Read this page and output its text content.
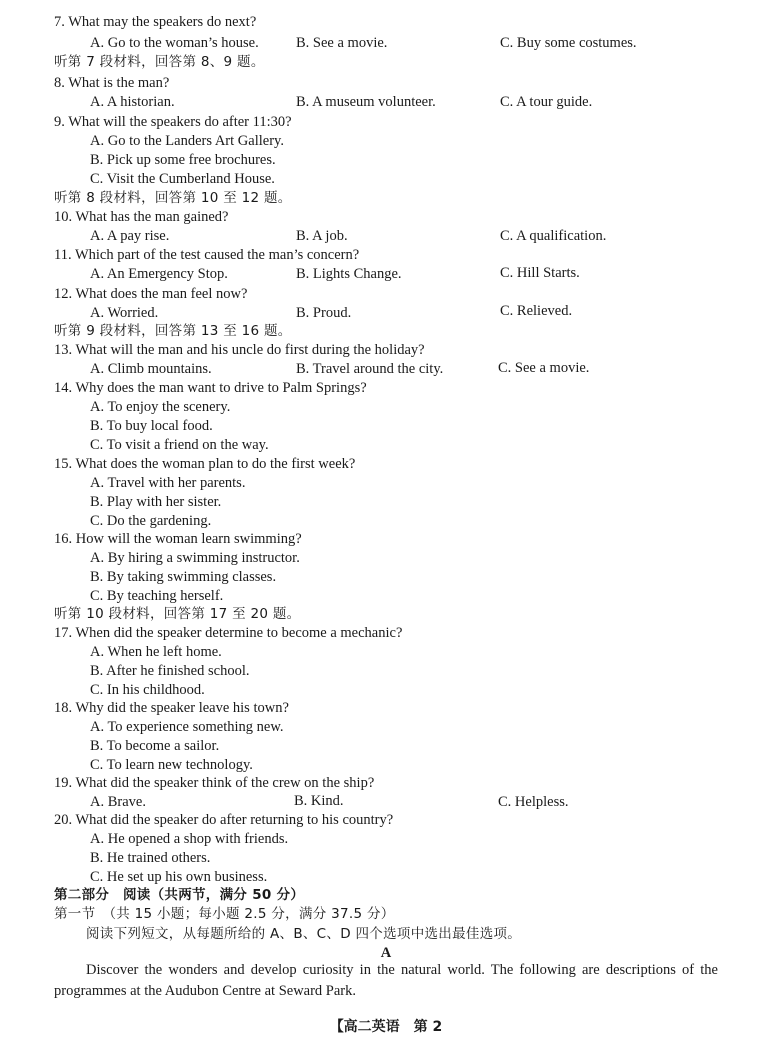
7. What may the speakers do next?
A. Go to the woman’s house.	B. See a movie.	C. Buy some costumes.
听第 7 段材料，回答第 8、9 题。
8. What is the man?
A. A historian.	B. A museum volunteer.	C. A tour guide.
9. What will the speakers do after 11:30?
A. Go to the Landers Art Gallery.
B. Pick up some free brochures.
C. Visit the Cumberland House.
听第 8 段材料，回答第 10 至 12 题。
10. What has the man gained?
A. A pay rise.	B. A job.	C. A qualification.
11. Which part of the test caused the man’s concern?
A. An Emergency Stop.	B. Lights Change.	C. Hill Starts.
12. What does the man feel now?
A. Worried.	B. Proud.	C. Relieved.
听第 9 段材料，回答第 13 至 16 题。
13. What will the man and his uncle do first during the holiday?
A. Climb mountains.	B. Travel around the city.	C. See a movie.
14. Why does the man want to drive to Palm Springs?
A. To enjoy the scenery.
B. To buy local food.
C. To visit a friend on the way.
15. What does the woman plan to do the first week?
A. Travel with her parents.
B. Play with her sister.
C. Do the gardening.
16. How will the woman learn swimming?
A. By hiring a swimming instructor.
B. By taking swimming classes.
C. By teaching herself.
听第 10 段材料，回答第 17 至 20 题。
17. When did the speaker determine to become a mechanic?
A. When he left home.
B. After he finished school.
C. In his childhood.
18. Why did the speaker leave his town?
A. To experience something new.
B. To become a sailor.
C. To learn new technology.
19. What did the speaker think of the crew on the ship?
A. Brave.	B. Kind.	C. Helpless.
20. What did the speaker do after returning to his country?
A. He opened a shop with friends.
B. He trained others.
C. He set up his own business.
第二部分　阅读（共两节，满分 50 分）
第一节　（共 15 小题；每小题 2.5 分，满分 37.5 分）
阅读下列短文，从每题所给的 A、B、C、D 四个选项中选出最佳选项。
A
Discover the wonders and develop curiosity in the natural world. The following are descriptions of the programmes at the Audubon Centre at Seward Park.
【高二英语　第 2
